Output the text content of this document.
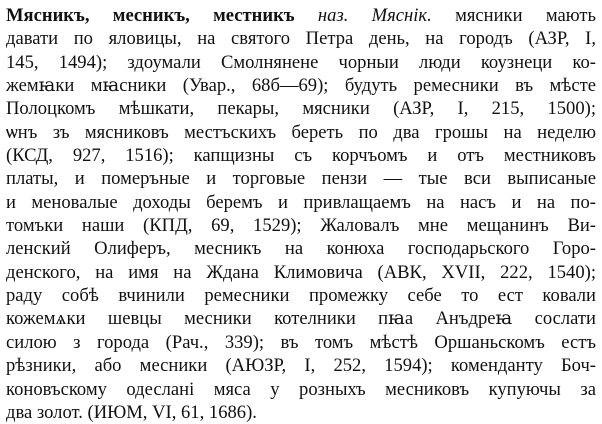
Мясникъ, месникъ, местникъ наз. Мяснiк. мясники мають
давати по яловицы, на святого Петра день, на городъ (АЗР, I,
145, 1494); здоумали Смолнянене чорныи люди коузнеци ко-
жемꙗки мꙗсники (Увар., 68б—69); будуть ремесники въ мѣсте
Полоцкомъ мѣшкати, пекары, мясники (АЗР, I, 215, 1500);
ѡнъ зъ мясниковъ местъскихъ береть по два грошы на неделю
(КСД, 927, 1516); капщизны съ корчъомъ и отъ местниковъ
платы, и померъные и торговые пензи — тые вси выписаные
и меновалые доходы беремъ и привлащаемъ на насъ и на по-
томъки наши (КПД, 69, 1529); Жаловалъ мне мещанинъ Ви-
ленский Олиферъ, месникъ на конюха господарьского Горо-
денского, на имя на Ждана Климовича (АВК, XVII, 222, 1540);
раду собѣ вчинили ремесники промежку себе то ест ковали
кожемѧки шевцы месники котелники пꙗа Анъдреꙗ сослати
силою з города (Рач., 339); въ томъ мѣстѣ Оршаньскомъ естъ
рѣзники, або месники (АЮЗР, I, 252, 1594); коменданту Боч-
коновъскому одесланi мяса у розныхъ месниковъ купуючы за
два золот. (ИЮМ, VI, 61, 1686).
